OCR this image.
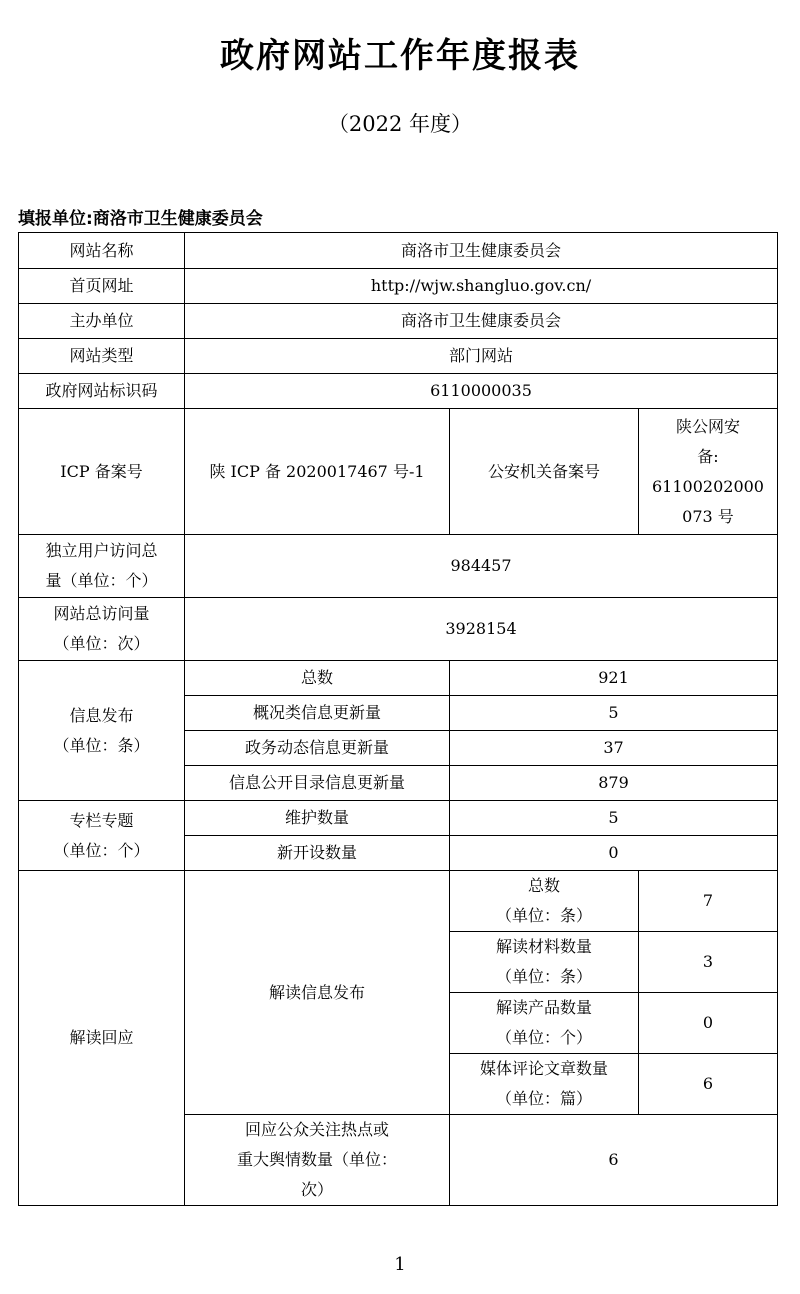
政府网站工作年度报表
（2022 年度）
填报单位:商洛市卫生健康委员会
网站名称	商洛市卫生健康委员会		
首页网址	http://wjw.shangluo.gov.cn/		
主办单位	商洛市卫生健康委员会		
网站类型	部门网站		
政府网站标识码	6110000035		
ICP 备案号	陕 ICP 备 2020017467 号-1	公安机关备案号	陕公网安
备:
61100202000
073 号

独立用户访问总
量（单位：个）	984457		

网站总访问量
（单位：次）	3928154		

信息发布
（单位：条）	总数	921	
	概况类信息更新量	5	
	政务动态信息更新量	37	
	信息公开目录信息更新量	879	

专栏专题
（单位：个）	维护数量	5	
	新开设数量	0	
解读回应	解读信息发布	总数
（单位：条）	7

		解读材料数量
（单位：条）	3

		解读产品数量
（单位：个）	0

		媒体评论文章数量
（单位：篇）	6

	回应公众关注热点或
重大舆情数量（单位：
次）	6	
1
